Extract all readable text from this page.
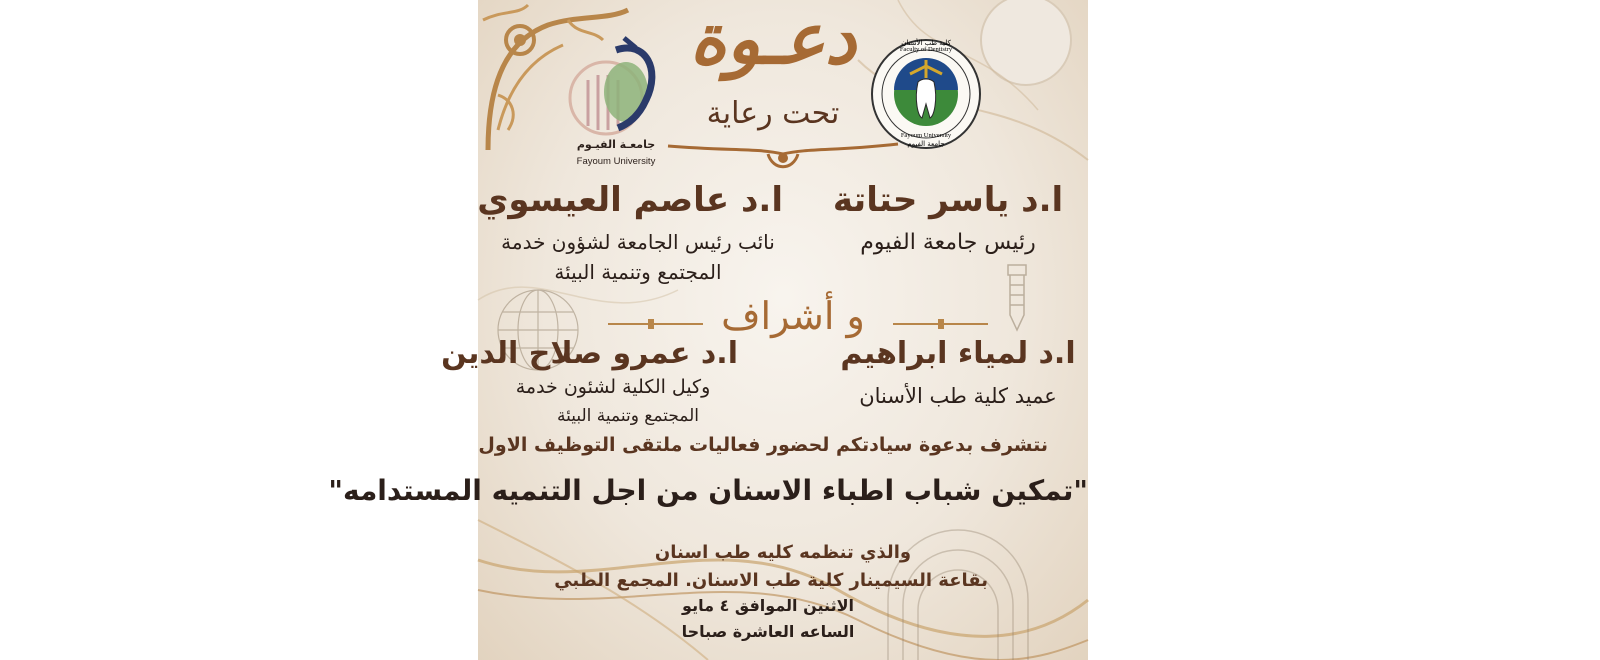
جامعـة الفيـوم
Fayoum University
دعـوة
تحت رعاية
كلية طب الأسنان
Faculty of Dentistry
Fayoum University
جامعة الفيوم
ا.د ياسر حتاتة
رئيس جامعة الفيوم
ا.د عاصم العيسوي
نائب رئيس الجامعة لشؤون خدمة
المجتمع وتنمية البيئة
و أشراف
ا.د لمياء ابراهيم
عميد كلية طب الأسنان
ا.د عمرو صلاح الدين
وكيل الكلية لشئون خدمة
المجتمع وتنمية البيئة
نتشرف بدعوة سيادتكم لحضور فعاليات ملتقى التوظيف الاول
"تمكين شباب اطباء الاسنان من اجل التنميه المستدامه"
والذي تنظمه كليه طب اسنان
بقاعة السيمينار كلية طب الاسنان. المجمع الطبي
الاثنين الموافق ٤ مايو
الساعه العاشرة صباحا
